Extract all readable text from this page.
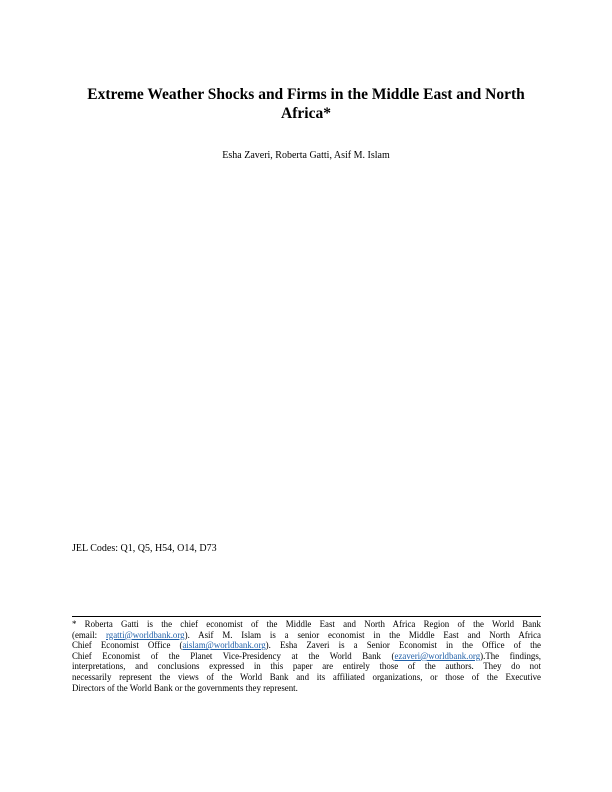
Extreme Weather Shocks and Firms in the Middle East and North
Africa*
Esha Zaveri, Roberta Gatti, Asif M. Islam
JEL Codes: Q1, Q5, H54, O14, D73
* Roberta Gatti is the chief economist of the Middle East and North Africa Region of the World Bank
(email: rgatti@worldbank.org). Asif M. Islam is a senior economist in the Middle East and North Africa
Chief Economist Office (aislam@worldbank.org). Esha Zaveri is a Senior Economist in the Office of the
Chief Economist of the Planet Vice-Presidency at the World Bank (ezaveri@worldbank.org).The findings,
interpretations, and conclusions expressed in this paper are entirely those of the authors. They do not
necessarily represent the views of the World Bank and its affiliated organizations, or those of the Executive
Directors of the World Bank or the governments they represent.
